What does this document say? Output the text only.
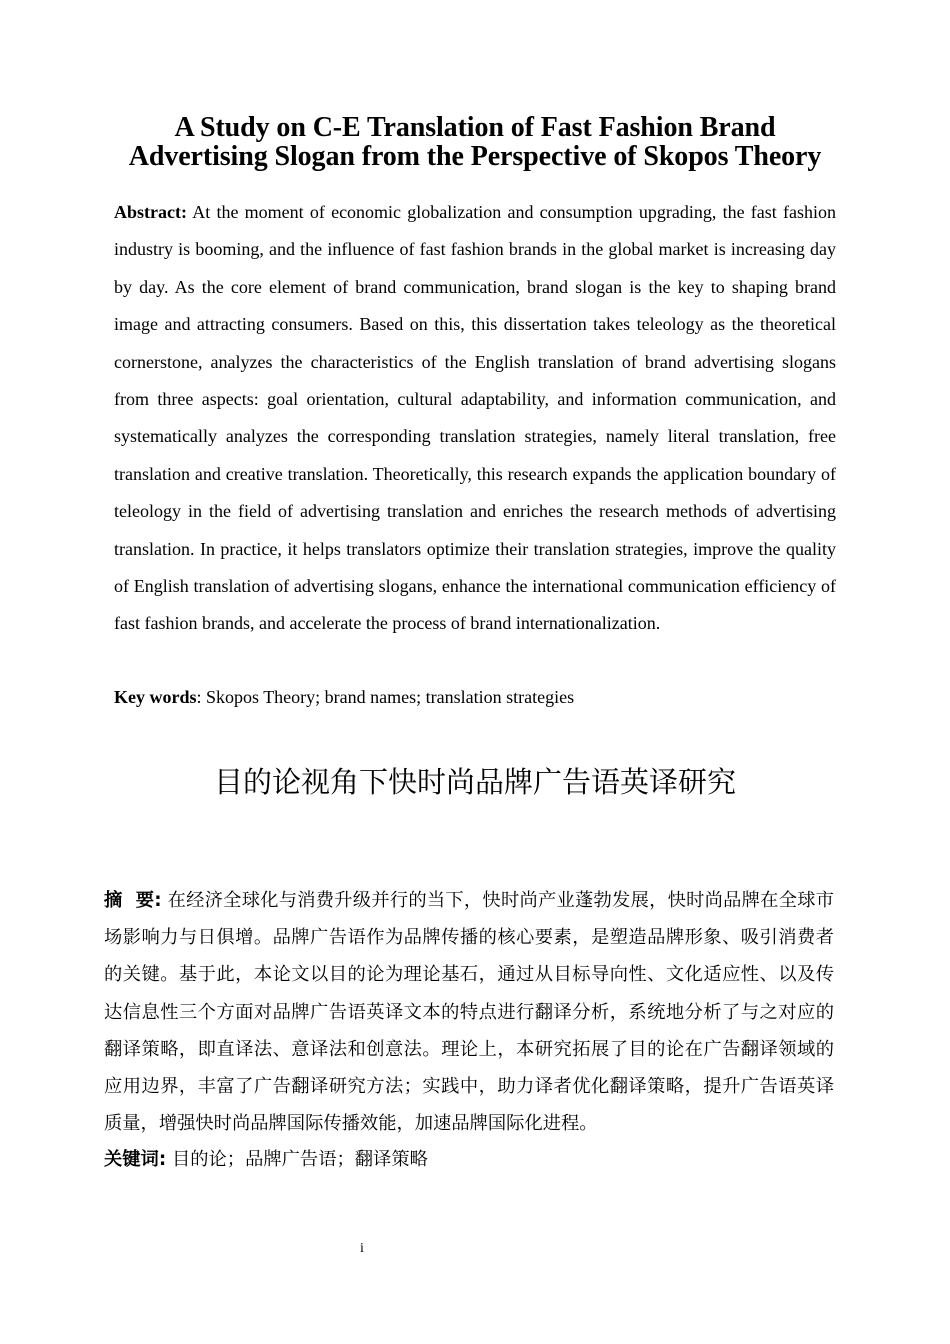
A Study on C-E Translation of Fast Fashion Brand
Advertising Slogan from the Perspective of Skopos Theory

Abstract: At the moment of economic globalization and consumption upgrading, the fast fashion industry is booming, and the influence of fast fashion brands in the global market is increasing day by day. As the core element of brand communication, brand slogan is the key to shaping brand image and attracting consumers. Based on this, this dissertation takes teleology as the theoretical cornerstone, analyzes the characteristics of the English translation of brand advertising slogans from three aspects: goal orientation, cultural adaptability, and information communication, and systematically analyzes the corresponding translation strategies, namely literal translation, free translation and creative translation. Theoretically, this research expands the application boundary of teleology in the field of advertising translation and enriches the research methods of advertising translation. In practice, it helps translators optimize their translation strategies, improve the quality of English translation of advertising slogans, enhance the international communication efficiency of fast fashion brands, and accelerate the process of brand internationalization.

Key words: Skopos Theory; brand names; translation strategies

目的论视角下快时尚品牌广告语英译研究

摘  要: 在经济全球化与消费升级并行的当下，快时尚产业蓬勃发展，快时尚品牌在全球市场影响力与日俱增。品牌广告语作为品牌传播的核心要素，是塑造品牌形象、吸引消费者的关键。基于此，本论文以目的论为理论基石，通过从目标导向性、文化适应性、以及传达信息性三个方面对品牌广告语英译文本的特点进行翻译分析，系统地分析了与之对应的翻译策略，即直译法、意译法和创意法。理论上，本研究拓展了目的论在广告翻译领域的应用边界，丰富了广告翻译研究方法；实践中，助力译者优化翻译策略，提升广告语英译质量，增强快时尚品牌国际传播效能，加速品牌国际化进程。

关键词: 目的论；品牌广告语；翻译策略

i
